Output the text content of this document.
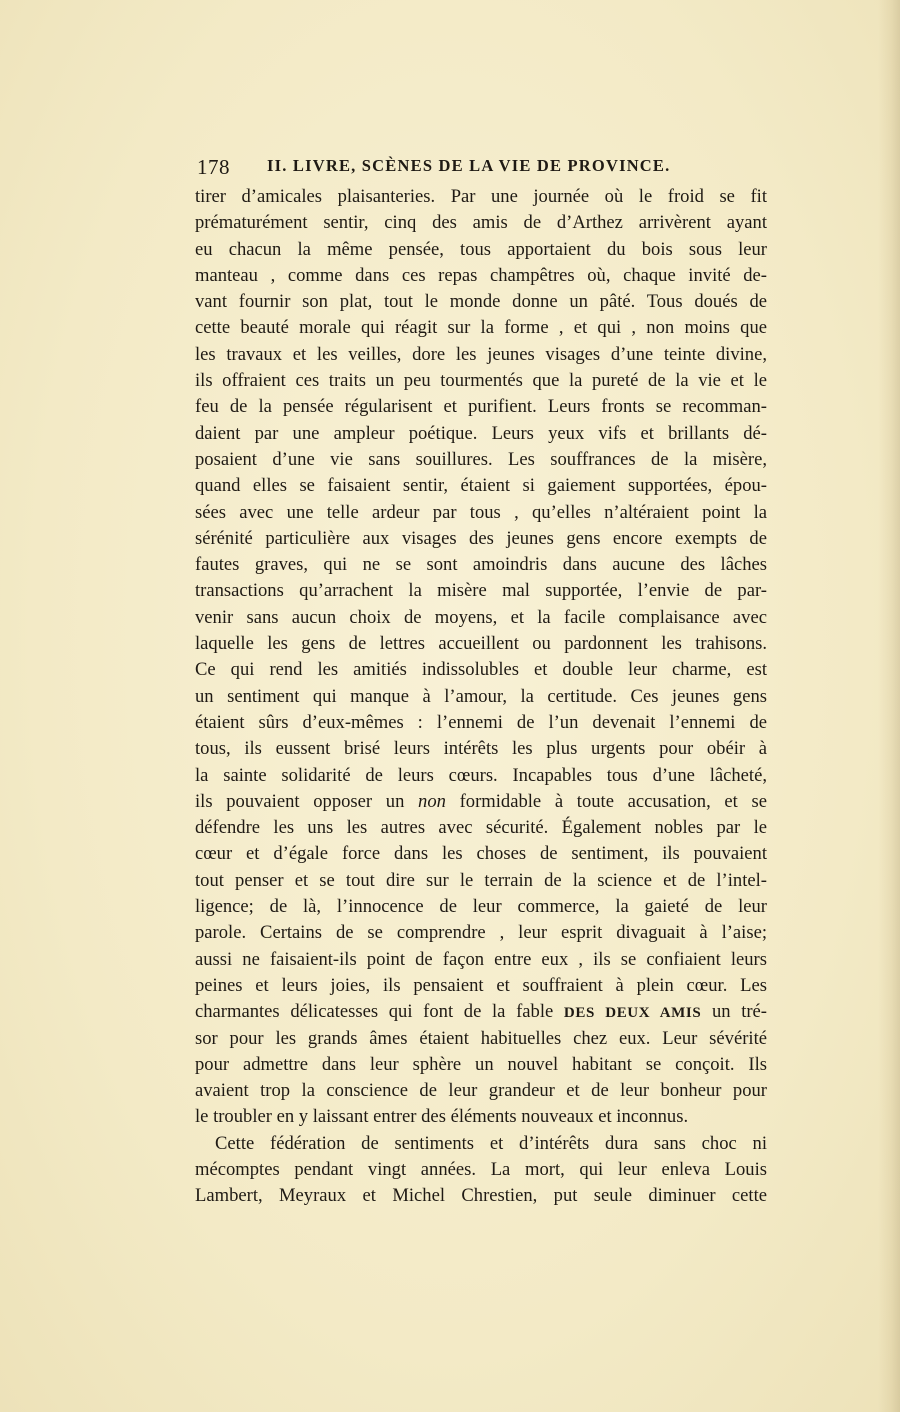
178 II. LIVRE, SCÈNES DE LA VIE DE PROVINCE.
tirer d’amicales plaisanteries. Par une journée où le froid se fit
prématurément sentir, cinq des amis de d’Arthez arrivèrent ayant
eu chacun la même pensée, tous apportaient du bois sous leur
manteau , comme dans ces repas champêtres où, chaque invité de-
vant fournir son plat, tout le monde donne un pâté. Tous doués de
cette beauté morale qui réagit sur la forme , et qui , non moins que
les travaux et les veilles, dore les jeunes visages d’une teinte divine,
ils offraient ces traits un peu tourmentés que la pureté de la vie et le
feu de la pensée régularisent et purifient. Leurs fronts se recomman-
daient par une ampleur poétique. Leurs yeux vifs et brillants dé-
posaient d’une vie sans souillures. Les souffrances de la misère,
quand elles se faisaient sentir, étaient si gaiement supportées, épou-
sées avec une telle ardeur par tous , qu’elles n’altéraient point la
sérénité particulière aux visages des jeunes gens encore exempts de
fautes graves, qui ne se sont amoindris dans aucune des lâches
transactions qu’arrachent la misère mal supportée, l’envie de par-
venir sans aucun choix de moyens, et la facile complaisance avec
laquelle les gens de lettres accueillent ou pardonnent les trahisons.
Ce qui rend les amitiés indissolubles et double leur charme, est
un sentiment qui manque à l’amour, la certitude. Ces jeunes gens
étaient sûrs d’eux-mêmes : l’ennemi de l’un devenait l’ennemi de
tous, ils eussent brisé leurs intérêts les plus urgents pour obéir à
la sainte solidarité de leurs cœurs. Incapables tous d’une lâcheté,
ils pouvaient opposer un non formidable à toute accusation, et se
défendre les uns les autres avec sécurité. Également nobles par le
cœur et d’égale force dans les choses de sentiment, ils pouvaient
tout penser et se tout dire sur le terrain de la science et de l’intel-
ligence; de là, l’innocence de leur commerce, la gaieté de leur
parole. Certains de se comprendre , leur esprit divaguait à l’aise;
aussi ne faisaient-ils point de façon entre eux , ils se confiaient leurs
peines et leurs joies, ils pensaient et souffraient à plein cœur. Les
charmantes délicatesses qui font de la fable DES DEUX AMIS un tré-
sor pour les grands âmes étaient habituelles chez eux. Leur sévérité
pour admettre dans leur sphère un nouvel habitant se conçoit. Ils
avaient trop la conscience de leur grandeur et de leur bonheur pour
le troubler en y laissant entrer des éléments nouveaux et inconnus.
Cette fédération de sentiments et d’intérêts dura sans choc ni
mécomptes pendant vingt années. La mort, qui leur enleva Louis
Lambert, Meyraux et Michel Chrestien, put seule diminuer cette
